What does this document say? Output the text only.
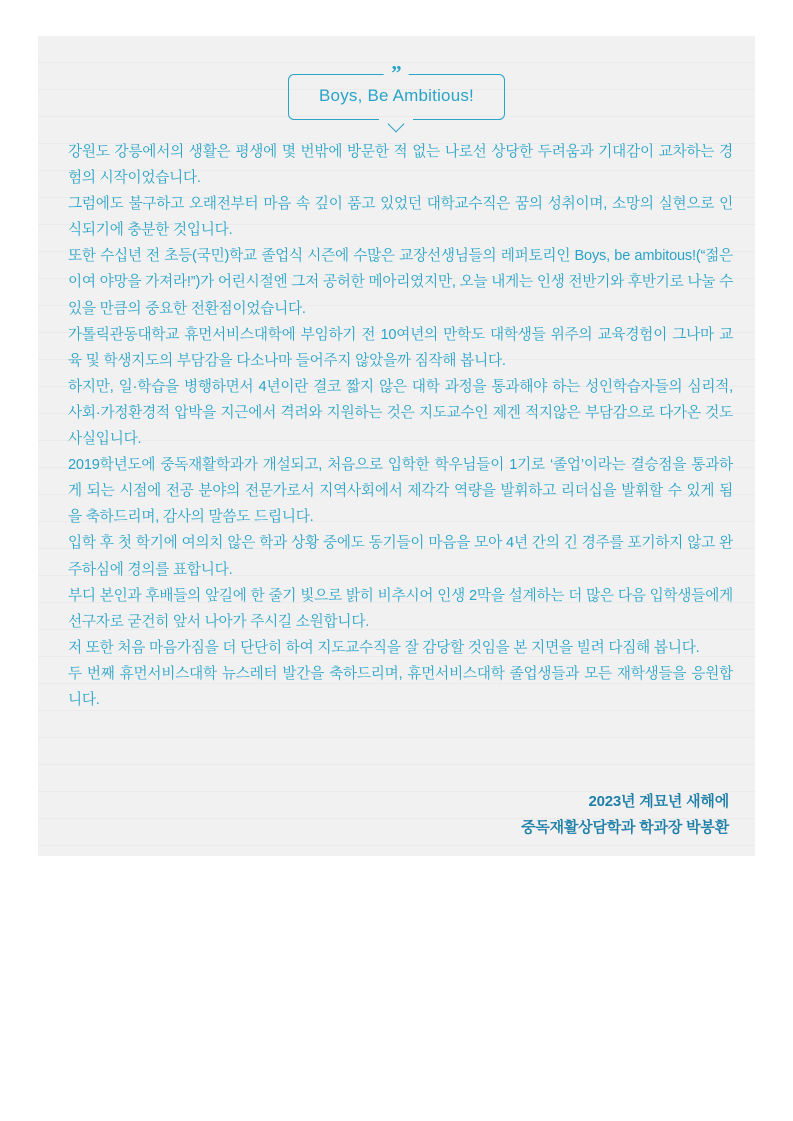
”
Boys, Be Ambitious!

강원도 강릉에서의 생활은 평생에 몇 번밖에 방문한 적 없는 나로선 상당한 두려움과 기대감이 교차하는 경험의 시작이었습니다.

그럼에도 불구하고 오래전부터 마음 속 깊이 품고 있었던 대학교수직은 꿈의 성취이며, 소망의 실현으로 인식되기에 충분한 것입니다.

또한 수십년 전 초등(국민)학교 졸업식 시즌에 수많은 교장선생님들의 레퍼토리인 Boys, be ambitous!(“젊은이여 야망을 가져라!”)가 어린시절엔 그저 공허한 메아리였지만, 오늘 내게는 인생 전반기와 후반기로 나눌 수 있을 만큼의 중요한 전환점이었습니다.

가톨릭관동대학교 휴먼서비스대학에 부임하기 전 10여년의 만학도 대학생들 위주의 교육경험이 그나마 교육 및 학생지도의 부담감을 다소나마 들어주지 않았을까 짐작해 봅니다.

하지만, 일·학습을 병행하면서 4년이란 결코 짧지 않은 대학 과정을 통과해야 하는 성인학습자들의 심리적, 사회·가정환경적 압박을 지근에서 격려와 지원하는 것은 지도교수인 제겐 적지않은 부담감으로 다가온 것도 사실입니다.

2019학년도에 중독재활학과가 개설되고, 처음으로 입학한 학우님들이 1기로 ‘졸업’이라는 결승점을 통과하게 되는 시점에 전공 분야의 전문가로서 지역사회에서 제각각 역량을 발휘하고 리더십을 발휘할 수 있게 됨을 축하드리며, 감사의 말씀도 드립니다.

입학 후 첫 학기에 여의치 않은 학과 상황 중에도 동기들이 마음을 모아 4년 간의 긴 경주를 포기하지 않고 완주하심에 경의를 표합니다.

부디 본인과 후배들의 앞길에 한 줄기 빛으로 밝히 비추시어 인생 2막을 설계하는 더 많은 다음 입학생들에게 선구자로 굳건히 앞서 나아가 주시길 소원합니다.

저 또한 처음 마음가짐을 더 단단히 하여 지도교수직을 잘 감당할 것임을 본 지면을 빌려 다짐해 봅니다.

두 번째 휴먼서비스대학 뉴스레터 발간을 축하드리며, 휴먼서비스대학 졸업생들과 모든 재학생들을 응원합니다.

2023년 계묘년 새해에
중독재활상담학과 학과장 박봉환
